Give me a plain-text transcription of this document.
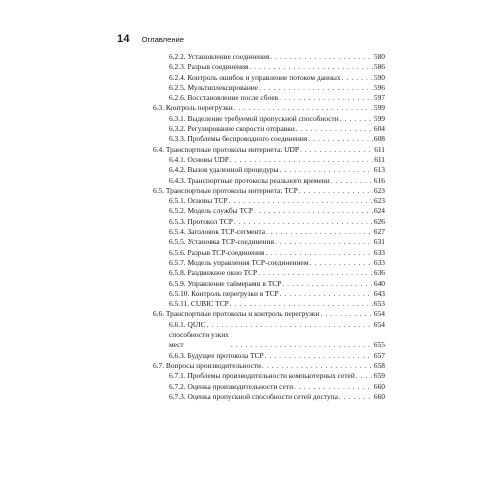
14 Оглавление
6.2.2. Установление соединения . . .	580
6.2.3. Разрыв соединения . . .	586
6.2.4. Контроль ошибок и управление потоком данных . . .	590
6.2.5. Мультиплексирование . . .	596
6.2.6. Восстановление после сбоев . . .	597
6.3. Контроль перегрузки . . .	599
6.3.1. Выделение требуемой пропускной способности . . .	599
6.3.2. Регулирование скорости отправки . . .	604
6.3.3. Проблемы беспроводного соединения . . .	608
6.4. Транспортные протоколы интернета: UDP . . .	611
6.4.1. Основы UDP . . .	611
6.4.2. Вызов удаленной процедуры . . .	613
6.4.3. Транспортные протоколы реального времени . . .	616
6.5. Транспортные протоколы интернета: TCP . . .	623
6.5.1. Основы TCP . . .	623
6.5.2. Модель службы TCP . . .	624
6.5.3. Протокол TCP . . .	626
6.5.4. Заголовок TCP-сегмента . . .	627
6.5.5. Установка TCP-соединения . . .	631
6.5.6. Разрыв TCP-соединения . . .	633
6.5.7. Модель управления TCP-соединением . . .	633
6.5.8. Раздвижное окно TCP . . .	636
6.5.9. Управление таймерами в TCP . . .	640
6.5.10. Контроль перегрузки в TCP . . .	643
6.5.11. CUBIC TCP . . .	653
6.6. Транспортные протоколы и контроль перегрузки . . .	654
6.6.1. QUIC . . .	654
способности узких мест . . .	655
6.6.3. Будущее протокола TCP . . .	657
6.7. Вопросы производительности . . .	658
6.7.1. Проблемы производительности компьютерных сетей . . .	659
6.7.2. Оценка производительности сети . . .	660
6.7.3. Оценка пропускной способности сетей доступа . . .	660
